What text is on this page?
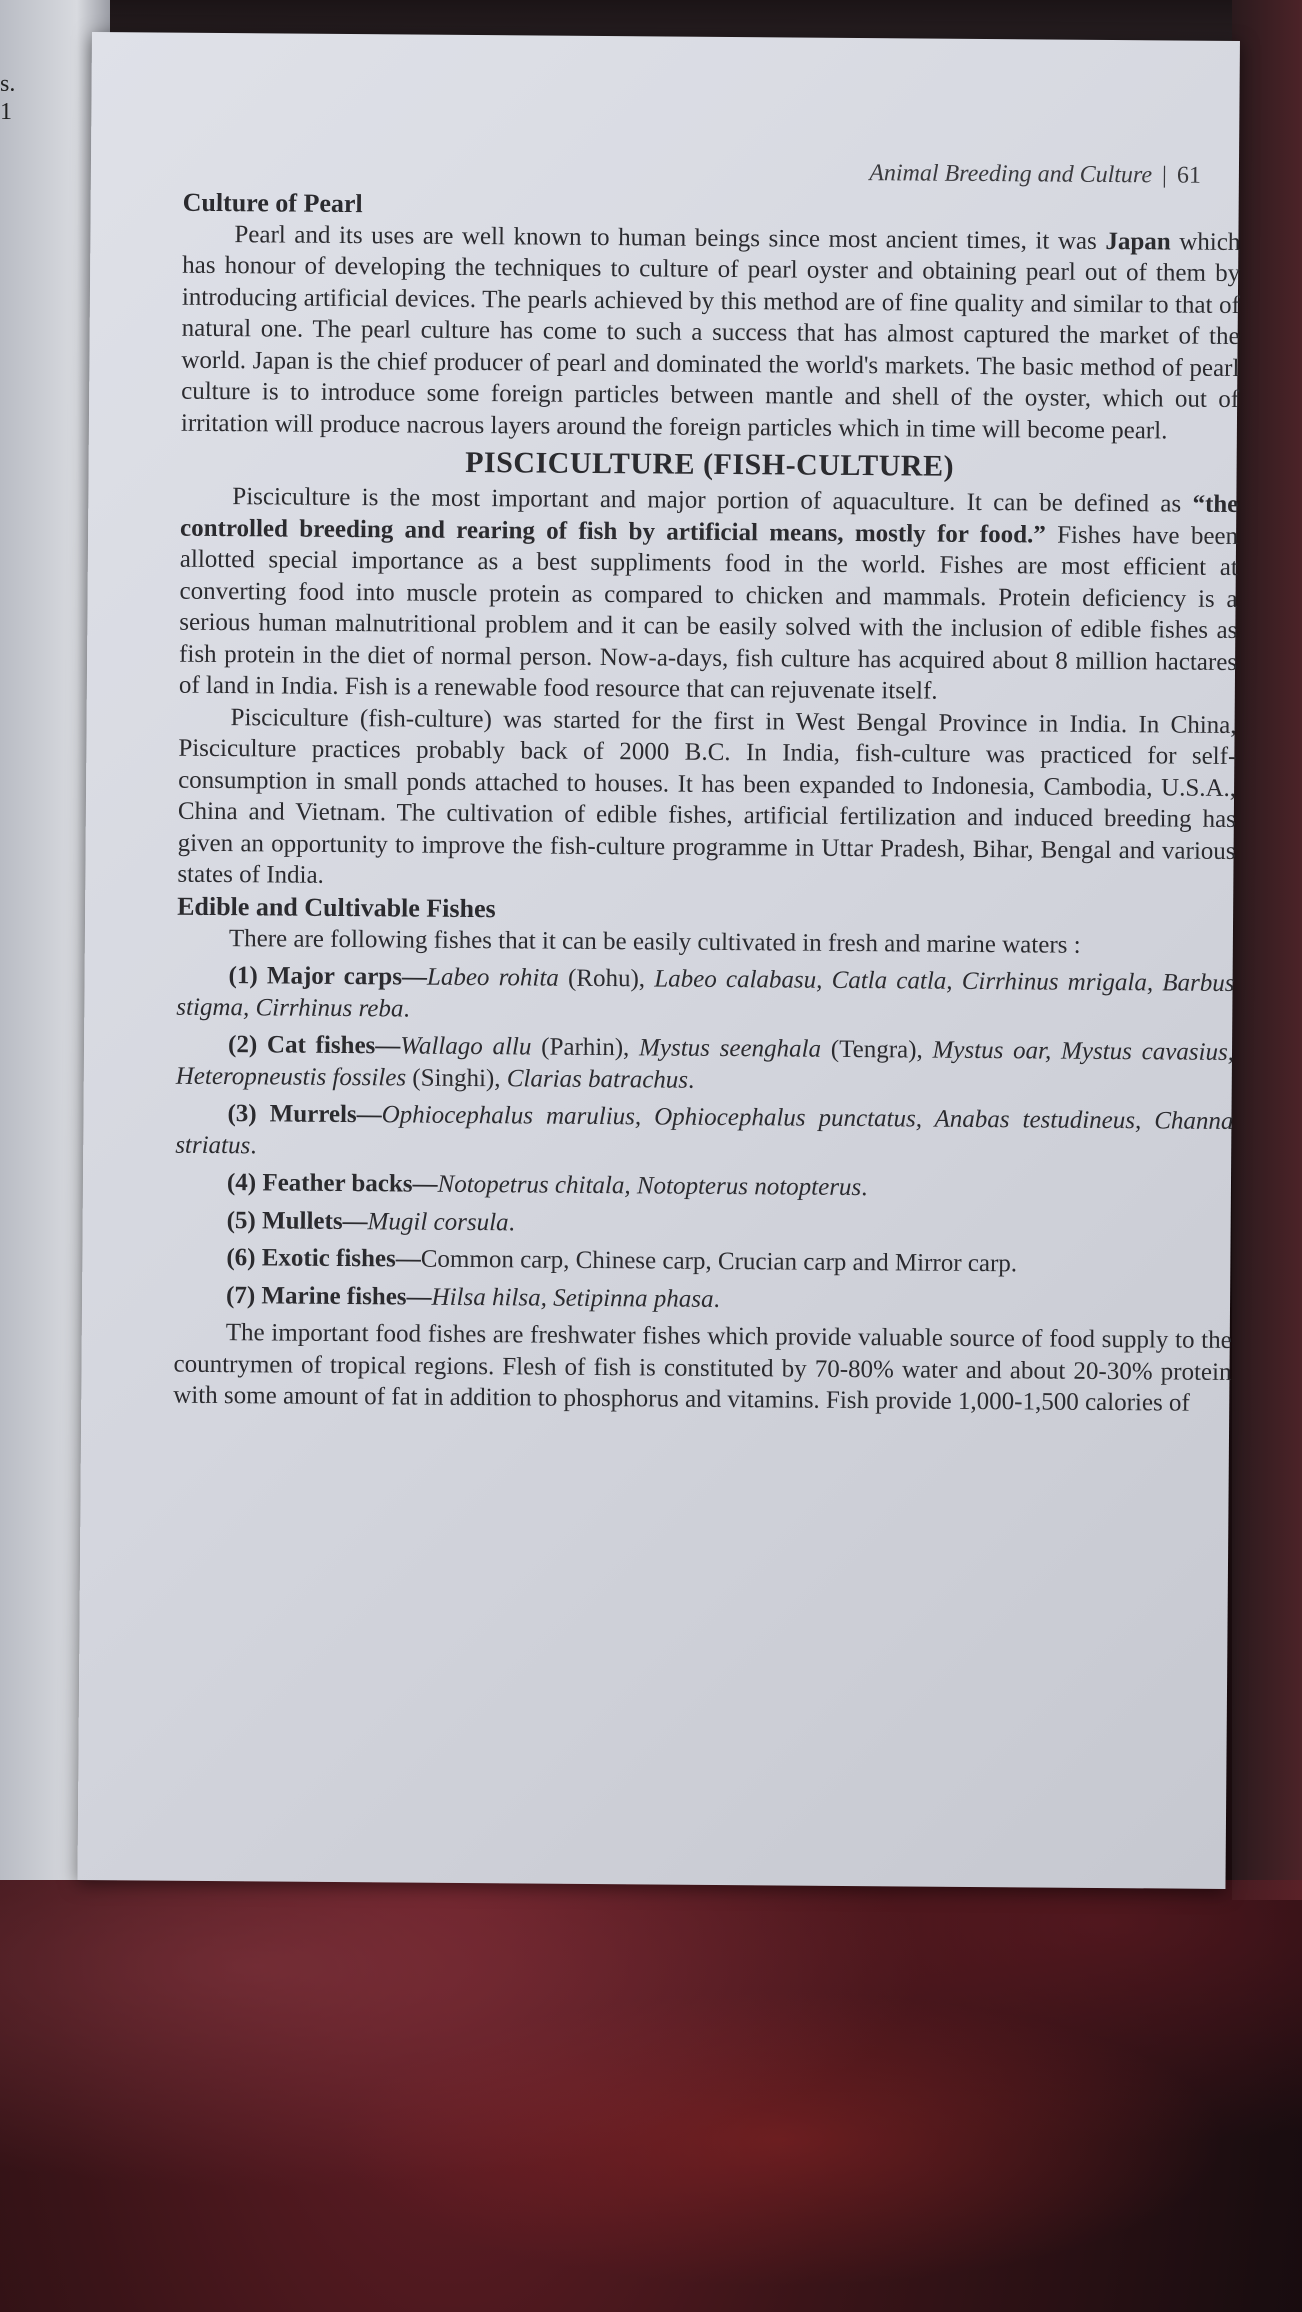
s.
1
Animal Breeding and Culture | 61
Culture of Pearl

Pearl and its uses are well known to human beings since most ancient times, it was Japan which has honour of developing the techniques to culture of pearl oyster and obtaining pearl out of them by introducing artificial devices. The pearls achieved by this method are of fine quality and similar to that of natural one. The pearl culture has come to such a success that has almost captured the market of the world. Japan is the chief producer of pearl and dominated the world's markets. The basic method of pearl culture is to introduce some foreign particles between mantle and shell of the oyster, which out of irritation will produce nacrous layers around the foreign particles which in time will become pearl.

PISCICULTURE (FISH-CULTURE)

Pisciculture is the most important and major portion of aquaculture. It can be defined as “the controlled breeding and rearing of fish by artificial means, mostly for food.” Fishes have been allotted special importance as a best suppliments food in the world. Fishes are most efficient at converting food into muscle protein as compared to chicken and mammals. Protein deficiency is a serious human malnutritional problem and it can be easily solved with the inclusion of edible fishes as fish protein in the diet of normal person. Now-a-days, fish culture has acquired about 8 million hactares of land in India. Fish is a renewable food resource that can rejuvenate itself.

Pisciculture (fish-culture) was started for the first in West Bengal Province in India. In China, Pisciculture practices probably back of 2000 B.C. In India, fish-culture was practiced for self-consumption in small ponds attached to houses. It has been expanded to Indonesia, Cambodia, U.S.A., China and Vietnam. The cultivation of edible fishes, artificial fertilization and induced breeding has given an opportunity to improve the fish-culture programme in Uttar Pradesh, Bihar, Bengal and various states of India.

Edible and Cultivable Fishes

There are following fishes that it can be easily cultivated in fresh and marine waters :

(1) Major carps—Labeo rohita (Rohu), Labeo calabasu, Catla catla, Cirrhinus mrigala, Barbus stigma, Cirrhinus reba.
(2) Cat fishes—Wallago allu (Parhin), Mystus seenghala (Tengra), Mystus oar, Mystus cavasius, Heteropneustis fossiles (Singhi), Clarias batrachus.
(3) Murrels—Ophiocephalus marulius, Ophiocephalus punctatus, Anabas testudineus, Channa striatus.
(4) Feather backs—Notopetrus chitala, Notopterus notopterus.
(5) Mullets—Mugil corsula.
(6) Exotic fishes—Common carp, Chinese carp, Crucian carp and Mirror carp.
(7) Marine fishes—Hilsa hilsa, Setipinna phasa.

The important food fishes are freshwater fishes which provide valuable source of food supply to the countrymen of tropical regions. Flesh of fish is constituted by 70-80% water and about 20-30% protein with some amount of fat in addition to phosphorus and vitamins. Fish provide 1,000-1,500 calories of
